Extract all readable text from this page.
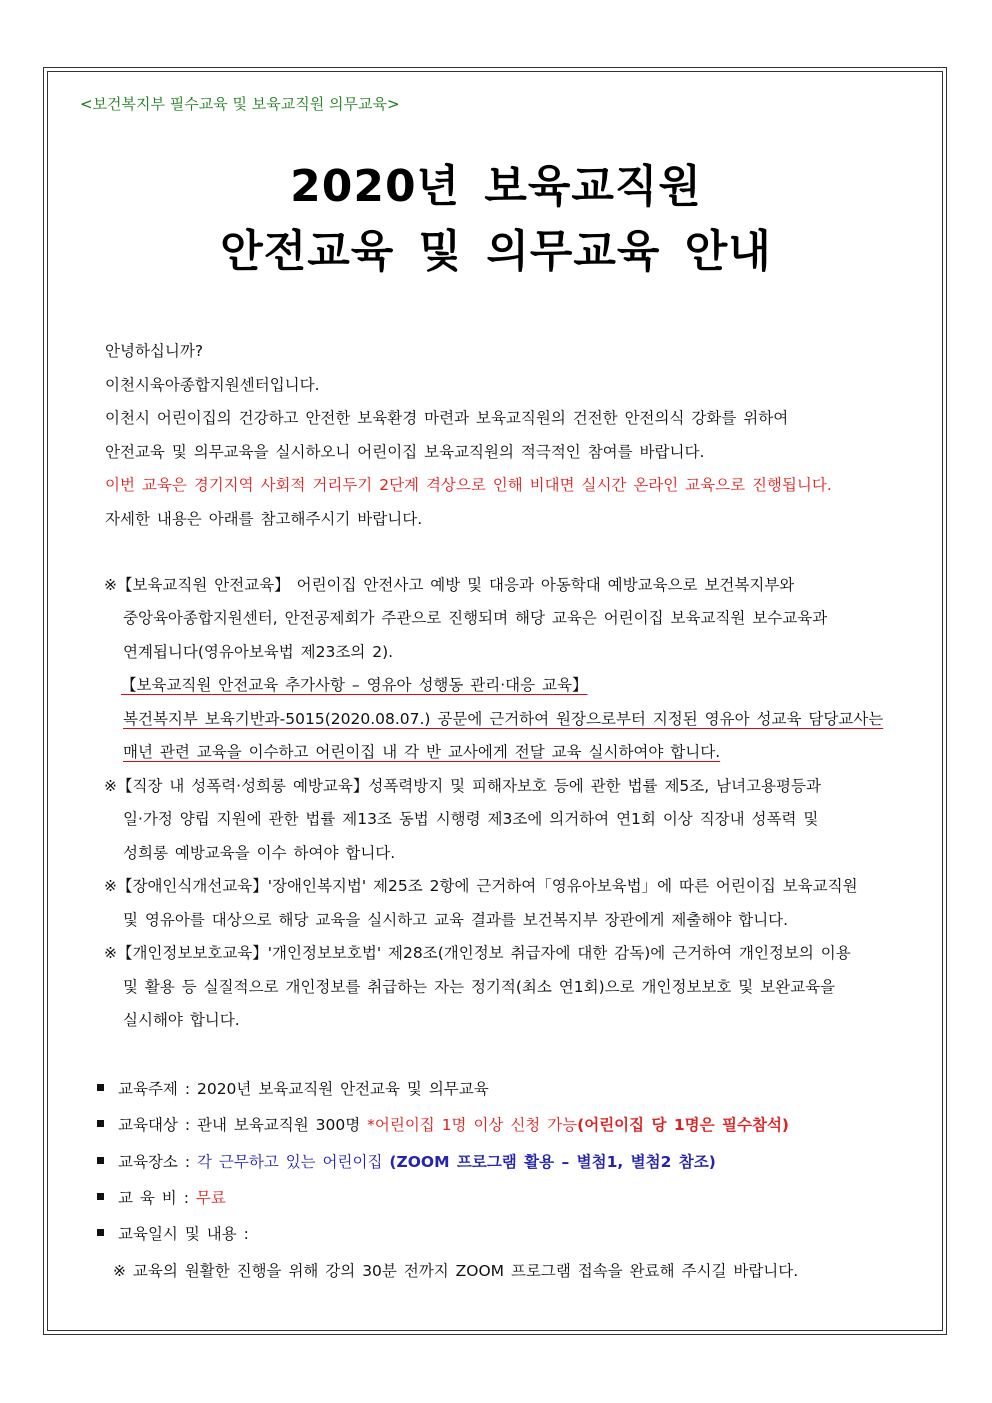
<보건복지부 필수교육 및 보육교직원 의무교육>
2020년 보육교직원
안전교육 및 의무교육 안내
안녕하십니까?
이천시육아종합지원센터입니다.
이천시 어린이집의 건강하고 안전한 보육환경 마련과 보육교직원의 건전한 안전의식 강화를 위하여
안전교육 및 의무교육을 실시하오니 어린이집 보육교직원의 적극적인 참여를 바랍니다.
이번 교육은 경기지역 사회적 거리두기 2단계 격상으로 인해 비대면 실시간 온라인 교육으로 진행됩니다.
자세한 내용은 아래를 참고해주시기 바랍니다.
※【보육교직원 안전교육】 어린이집 안전사고 예방 및 대응과 아동학대 예방교육으로 보건복지부와
중앙육아종합지원센터, 안전공제회가 주관으로 진행되며 해당 교육은 어린이집 보육교직원 보수교육과
연계됩니다(영유아보육법 제23조의 2).
【보육교직원 안전교육 추가사항 – 영유아 성행동 관리·대응 교육】
복건복지부 보육기반과-5015(2020.08.07.) 공문에 근거하여 원장으로부터 지정된 영유아 성교육 담당교사는
매년 관련 교육을 이수하고 어린이집 내 각 반 교사에게 전달 교육 실시하여야 합니다.
※【직장 내 성폭력·성희롱 예방교육】성폭력방지 및 피해자보호 등에 관한 법률 제5조, 남녀고용평등과
일·가정 양립 지원에 관한 법률 제13조 동법 시행령 제3조에 의거하여 연1회 이상 직장내 성폭력 및
성희롱 예방교육을 이수 하여야 합니다.
※【장애인식개선교육】'장애인복지법' 제25조 2항에 근거하여「영유아보육법」에 따른 어린이집 보육교직원
및 영유아를 대상으로 해당 교육을 실시하고 교육 결과를 보건복지부 장관에게 제출해야 합니다.
※【개인정보보호교육】'개인정보보호법' 제28조(개인정보 취급자에 대한 감독)에 근거하여 개인정보의 이용
및 활용 등 실질적으로 개인정보를 취급하는 자는 정기적(최소 연1회)으로 개인정보보호 및 보완교육을
실시해야 합니다.
교육주제 : 2020년 보육교직원 안전교육 및 의무교육
교육대상 : 관내 보육교직원 300명 *어린이집 1명 이상 신청 가능(어린이집 당 1명은 필수참석)
교육장소 : 각 근무하고 있는 어린이집 (ZOOM 프로그램 활용 – 별첨1, 별첨2 참조)
교 육 비 : 무료
교육일시 및 내용 :
※ 교육의 원활한 진행을 위해 강의 30분 전까지 ZOOM 프로그램 접속을 완료해 주시길 바랍니다.
